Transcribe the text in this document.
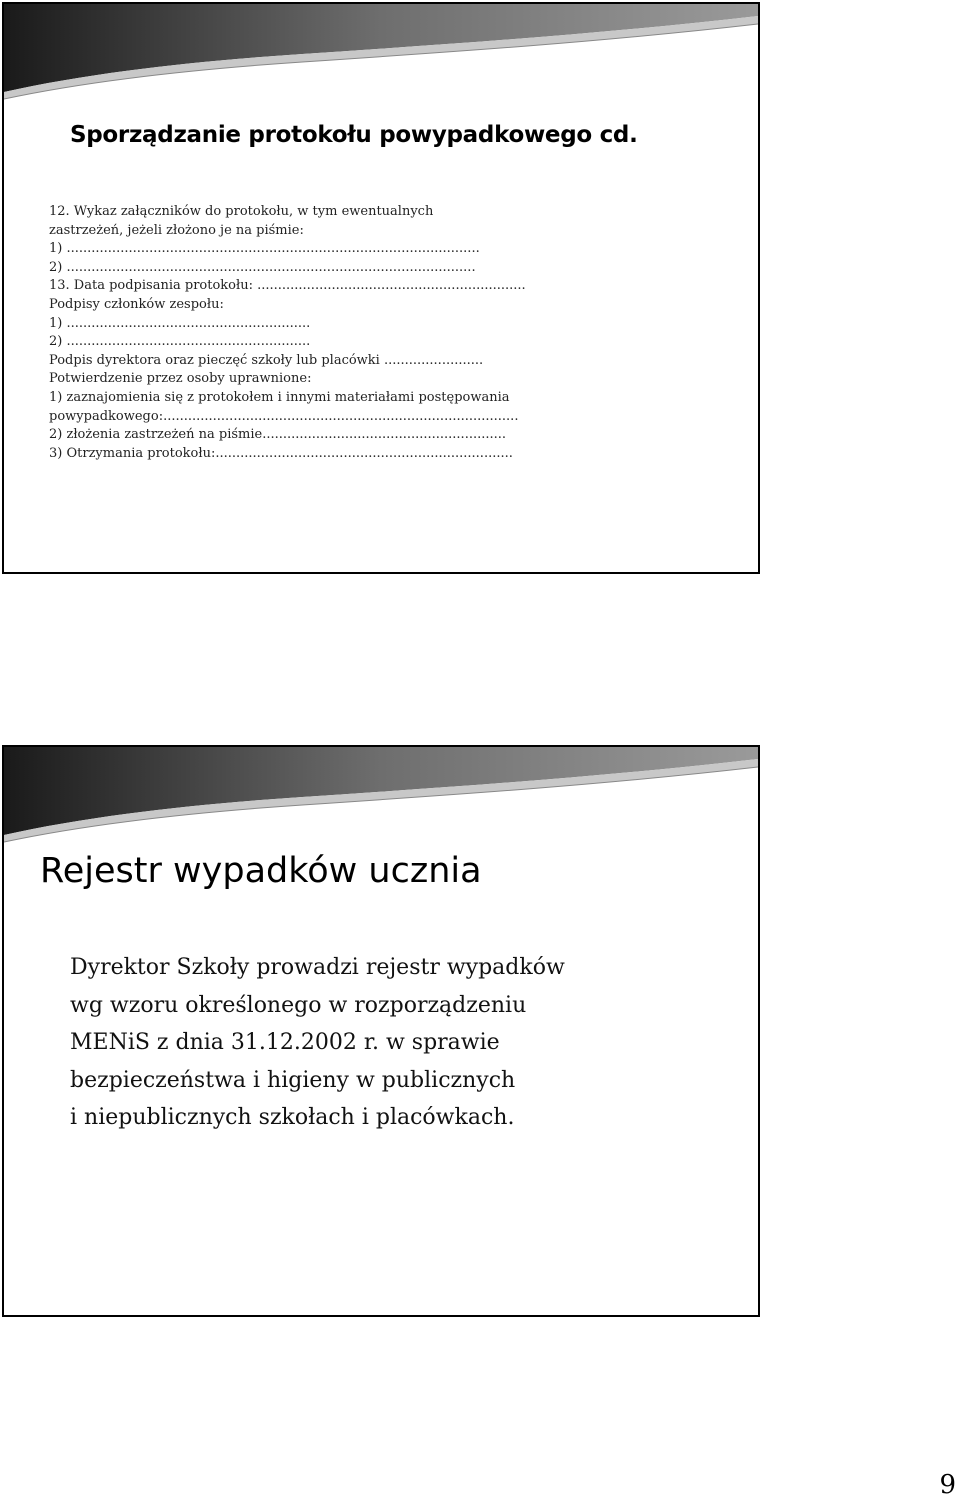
Sporządzanie protokołu powypadkowego cd.
12. Wykaz załączników do protokołu, w tym ewentualnych
zastrzeżeń, jeżeli złożono je na piśmie:
1) ....................................................................................................
2) ...................................................................................................
13. Data podpisania protokołu: .................................................................
Podpisy członków zespołu:
1) ...........................................................
2) ...........................................................
Podpis dyrektora oraz pieczęć szkoły lub placówki ........................
Potwierdzenie przez osoby uprawnione:
1) zaznajomienia się z protokołem i innymi materiałami postępowania
powypadkowego:......................................................................................
2) złożenia zastrzeżeń na piśmie...........................................................
3) Otrzymania protokołu:........................................................................
Rejestr wypadków ucznia
Dyrektor Szkoły prowadzi rejestr wypadków
wg wzoru określonego w rozporządzeniu
MENiS z dnia 31.12.2002 r. w sprawie
bezpieczeństwa i higieny w publicznych
i niepublicznych szkołach i placówkach.
9
